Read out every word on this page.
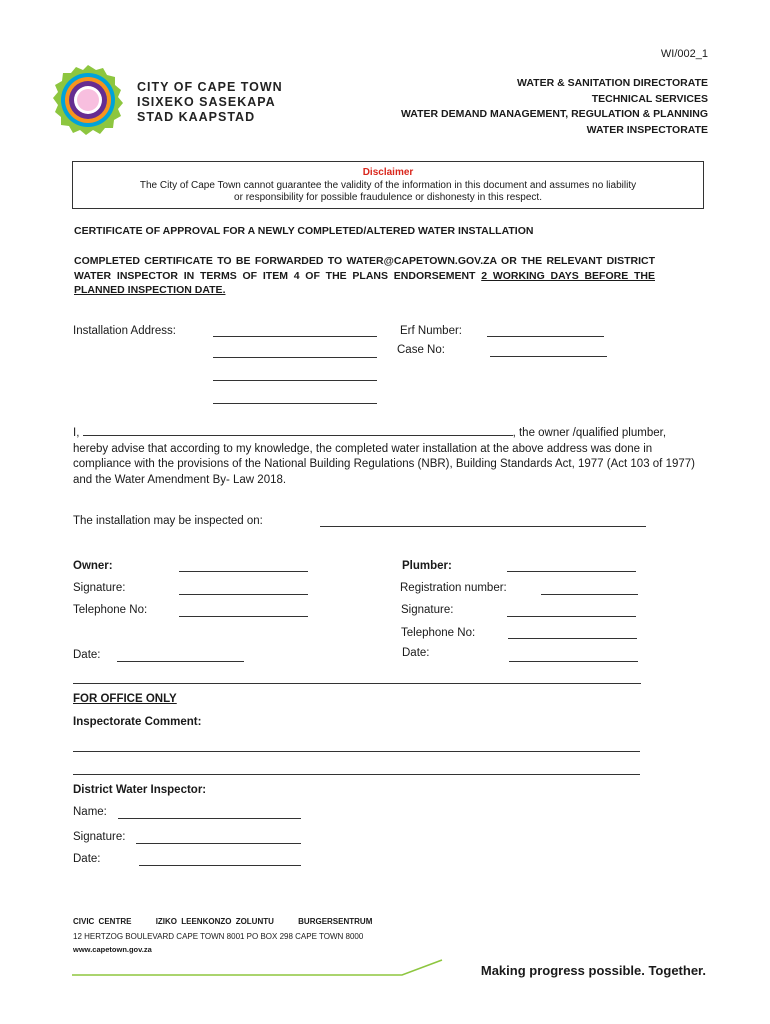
WI/002_1
CITY OF CAPE TOWN
ISIXEKO SASEKAPA
STAD KAAPSTAD
WATER & SANITATION DIRECTORATE
TECHNICAL SERVICES
WATER DEMAND MANAGEMENT, REGULATION & PLANNING
WATER INSPECTORATE
Disclaimer
The City of Cape Town cannot guarantee the validity of the information in this document and assumes no liability
or responsibility for possible fraudulence or dishonesty in this respect.
CERTIFICATE OF APPROVAL FOR A NEWLY COMPLETED/ALTERED WATER INSTALLATION
COMPLETED CERTIFICATE TO BE FORWARDED TO WATER@CAPETOWN.GOV.ZA OR THE RELEVANT DISTRICT WATER INSPECTOR IN TERMS OF ITEM 4 OF THE PLANS ENDORSEMENT 2 WORKING DAYS BEFORE THE PLANNED INSPECTION DATE.
Installation Address:	Erf Number:
Case No:
I,	, the owner /qualified plumber, hereby advise that according to my knowledge, the completed water installation at the above address was done in compliance with the provisions of the National Building Regulations (NBR), Building Standards Act, 1977 (Act 103 of 1977) and the Water Amendment By- Law 2018.
The installation may be inspected on:
Owner:
Signature:
Telephone No:
Date:
Plumber:
Registration number:
Signature:
Telephone No:
Date:
FOR OFFICE ONLY
Inspectorate Comment:
District Water Inspector:
Name:
Signature:
Date:
CIVIC CENTRE	IZIKO LEENKONZO ZOLUNTU	BURGERSENTRUM
12 HERTZOG BOULEVARD CAPE TOWN 8001 PO BOX 298 CAPE TOWN 8000
www.capetown.gov.za
Making progress possible. Together.
